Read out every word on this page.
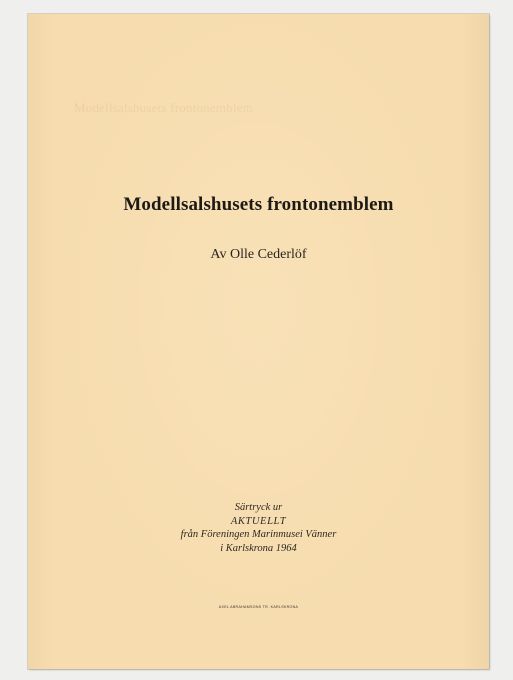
Modellsalshusets frontonemblem
Modellsalshusets frontonemblem
Av Olle Cederlöf
Särtryck ur
AKTUELLT
från Föreningen Marinmusei Vänner
i Karlskrona 1964
AXEL ABRAHAMSONS TR. KARLSKRONA
